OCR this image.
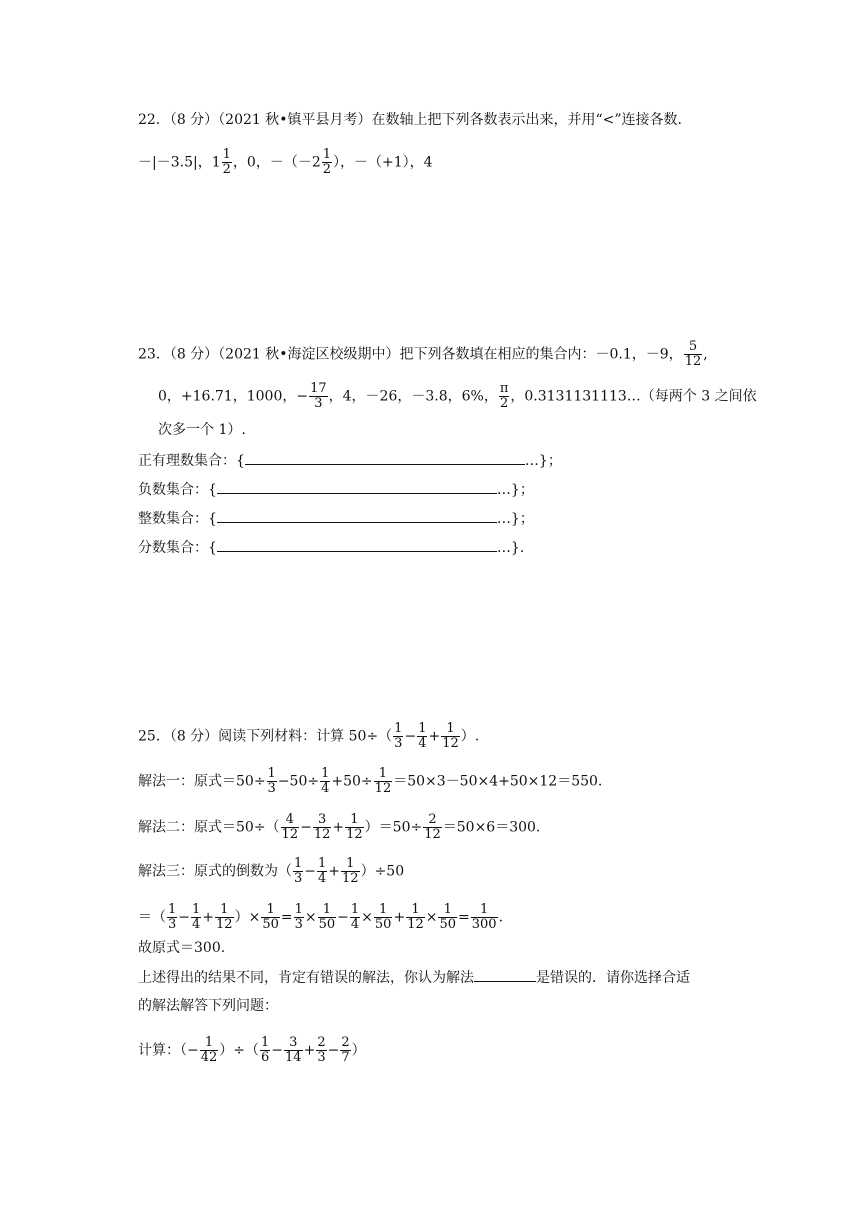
22．（8 分）（2021 秋•镇平县月考）在数轴上把下列各数表示出来，并用“<”连接各数.
－|－3.5|，$1 \frac{1}{2}$ ，0，$-(-2 \frac{1}{2}$ ），－（+1），4
23．（8 分）（2021 秋•海淀区校级期中）把下列各数填在相应的集合内：－0.1，－9， $\frac{5}{12}$ ,
0，+16.71，1000，− $\frac{17}{3}$ ，4，－26，－3.8，6%， $\frac{\pi}{2}$ ，0.3131131113…（每两个 3 之间依
次多一个 1）.
正有理数集合：{	…}；
负数集合：{	…}；
整数集合：{	…}；
分数集合：{	…}.
25．（8 分）阅读下列材料：计算 $50\div( \frac{1}{3} - \frac{1}{4} + \frac{1}{12}$ ）.
解法一：原式$=50\div \frac{1}{3} -50\div \frac{1}{4} +50\div \frac{1}{12} =50\times 3-50\times 4+50\times 12=550$.
解法二：原式$=50\div( \frac{4}{12} - \frac{3}{12} + \frac{1}{12} )=50\div \frac{2}{12} =50\times 6=300$.
解法三：原式的倒数为（ $\frac{1}{3} - \frac{1}{4} + \frac{1}{12} )\div 50$
＝（ $\frac{1}{3} - \frac{1}{4} + \frac{1}{12}$ ）× $\frac{1}{50} = \frac{1}{3} \times \frac{1}{50} - \frac{1}{4} \times \frac{1}{50} + \frac{1}{12} \times \frac{1}{50} = \frac{1}{300}$ .
故原式＝300.
上述得出的结果不同，肯定有错误的解法，你认为解法	是错误的．请你选择合适
的解法解答下列问题：
计算：（− $\frac{1}{42}$ ）÷（ $\frac{1}{6} - \frac{3}{14} + \frac{2}{3} - \frac{2}{7}$ ）
